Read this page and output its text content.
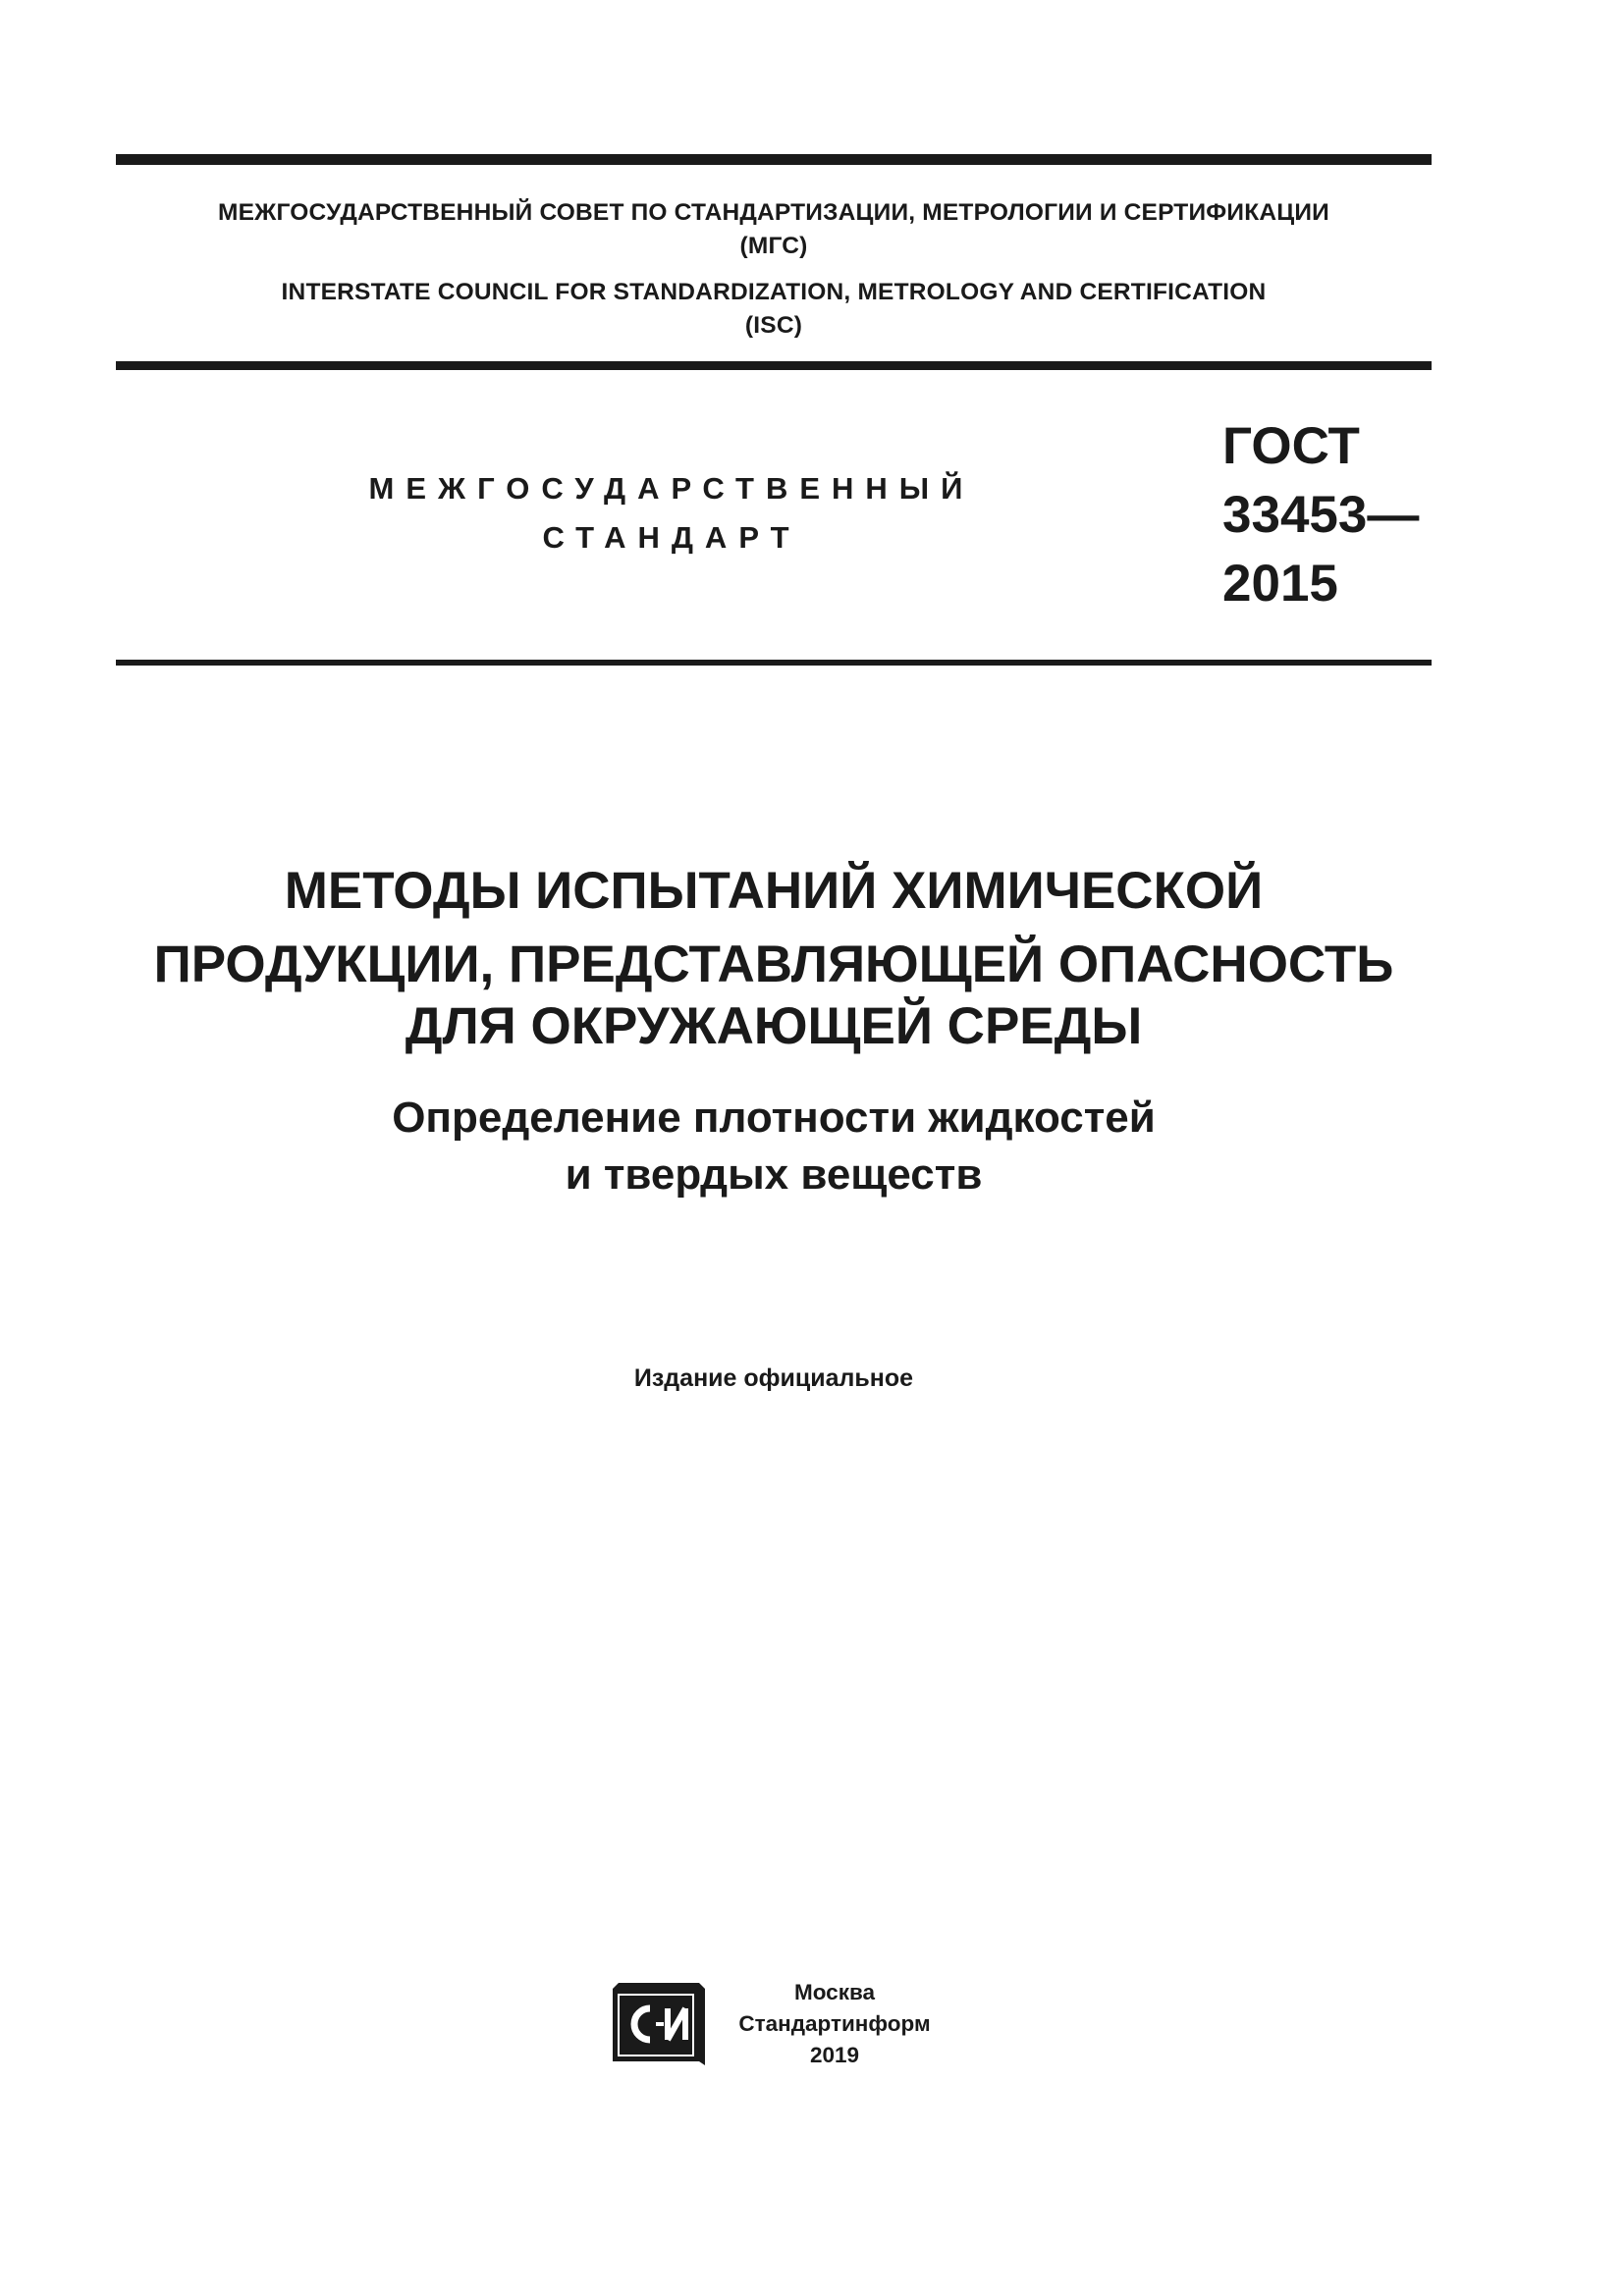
МЕЖГОСУДАРСТВЕННЫЙ СОВЕТ ПО СТАНДАРТИЗАЦИИ, МЕТРОЛОГИИ И СЕРТИФИКАЦИИ
(МГС)
INTERSTATE COUNCIL FOR STANDARDIZATION, METROLOGY AND CERTIFICATION
(ISC)
МЕЖГОСУДАРСТВЕННЫЙ
СТАНДАРТ
ГОСТ
33453—
2015
МЕТОДЫ ИСПЫТАНИЙ ХИМИЧЕСКОЙ
ПРОДУКЦИИ, ПРЕДСТАВЛЯЮЩЕЙ ОПАСНОСТЬ
ДЛЯ ОКРУЖАЮЩЕЙ СРЕДЫ
Определение плотности жидкостей
и твердых веществ
Издание официальное
Москва
Стандартинформ
2019
